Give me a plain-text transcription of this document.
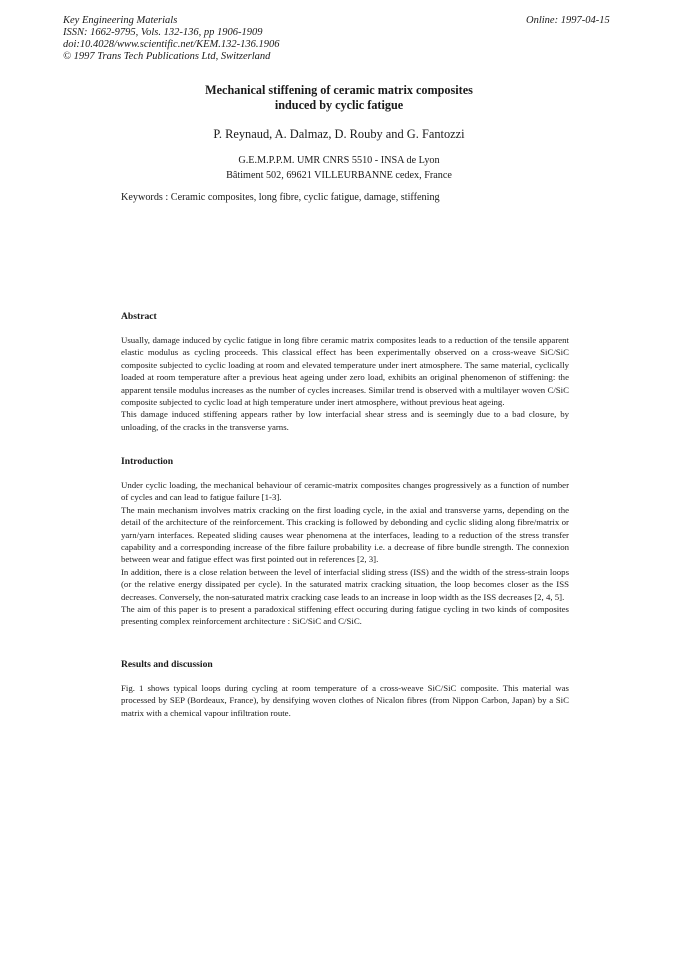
Key Engineering Materials
ISSN: 1662-9795, Vols. 132-136, pp 1906-1909
doi:10.4028/www.scientific.net/KEM.132-136.1906
© 1997 Trans Tech Publications Ltd, Switzerland
Online: 1997-04-15
Mechanical stiffening of ceramic matrix composites
induced by cyclic fatigue
P. Reynaud, A. Dalmaz, D. Rouby and G. Fantozzi
G.E.M.P.P.M. UMR CNRS 5510 - INSA de Lyon
Bâtiment 502, 69621 VILLEURBANNE cedex, France
Keywords : Ceramic composites, long fibre, cyclic fatigue, damage, stiffening
Abstract

Usually, damage induced by cyclic fatigue in long fibre ceramic matrix composites leads to a reduction of the tensile apparent elastic modulus as cycling proceeds. This classical effect has been experimentally observed on a cross-weave SiC/SiC composite subjected to cyclic loading at room and elevated temperature under inert atmosphere. The same material, cyclically loaded at room temperature after a previous heat ageing under zero load, exhibits an original phenomenon of stiffening: the apparent tensile modulus increases as the number of cycles increases. Similar trend is observed with a multilayer woven C/SiC composite subjected to cyclic load at high temperature under inert atmosphere, without previous heat ageing.

This damage induced stiffening appears rather by low interfacial shear stress and is seemingly due to a bad closure, by unloading, of the cracks in the transverse yarns.

Introduction

Under cyclic loading, the mechanical behaviour of ceramic-matrix composites changes progressively as a function of number of cycles and can lead to fatigue failure [1-3].

The main mechanism involves matrix cracking on the first loading cycle, in the axial and transverse yarns, depending on the detail of the architecture of the reinforcement. This cracking is followed by debonding and cyclic sliding along fibre/matrix or yarn/yarn interfaces. Repeated sliding causes wear phenomena at the interfaces, leading to a reduction of the stress transfer capability and a corresponding increase of the fibre failure probability i.e. a decrease of fibre bundle strength. The connexion between wear and fatigue effect was first pointed out in references [2, 3].

In addition, there is a close relation between the level of interfacial sliding stress (ISS) and the width of the stress-strain loops (or the relative energy dissipated per cycle). In the saturated matrix cracking situation, the loop becomes closer as the ISS decreases. Conversely, the non-saturated matrix cracking case leads to an increase in loop width as the ISS decreases [2, 4, 5].

The aim of this paper is to present a paradoxical stiffening effect occuring during fatigue cycling in two kinds of composites presenting complex reinforcement architecture : SiC/SiC and C/SiC.

Results and discussion

Fig. 1 shows typical loops during cycling at room temperature of a cross-weave SiC/SiC composite. This material was processed by SEP (Bordeaux, France), by densifying woven clothes of Nicalon fibres (from Nippon Carbon, Japan) by a SiC matrix with a chemical vapour infiltration route.
